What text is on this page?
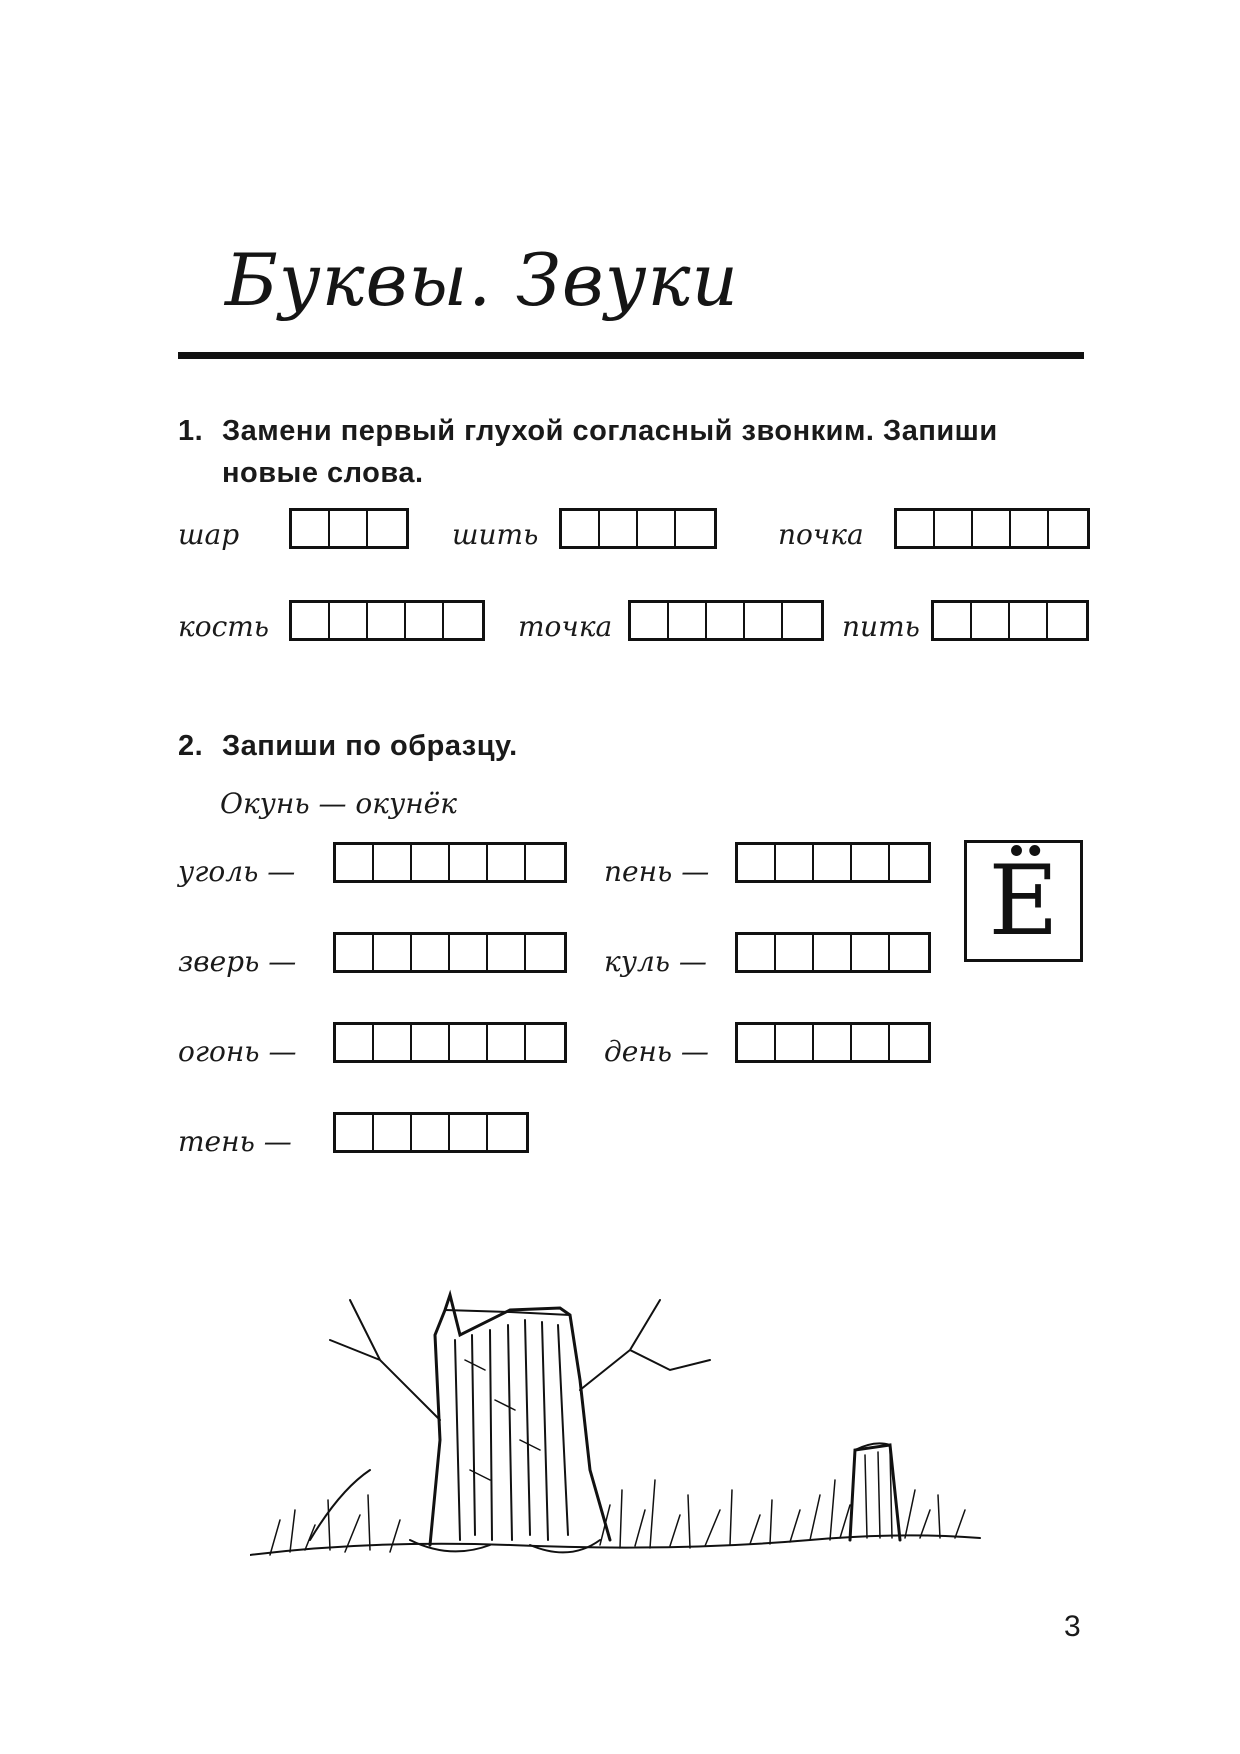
Буквы. Звуки
1. Замени первый глухой согласный звонким. Запиши новые слова.
шар	шить	почка
кость	точка	пить
2. Запиши по образцу.
Окунь — окунёк
уголь —	пень —
зверь —	куль —
огонь —	день —
тень —
Ё
3
